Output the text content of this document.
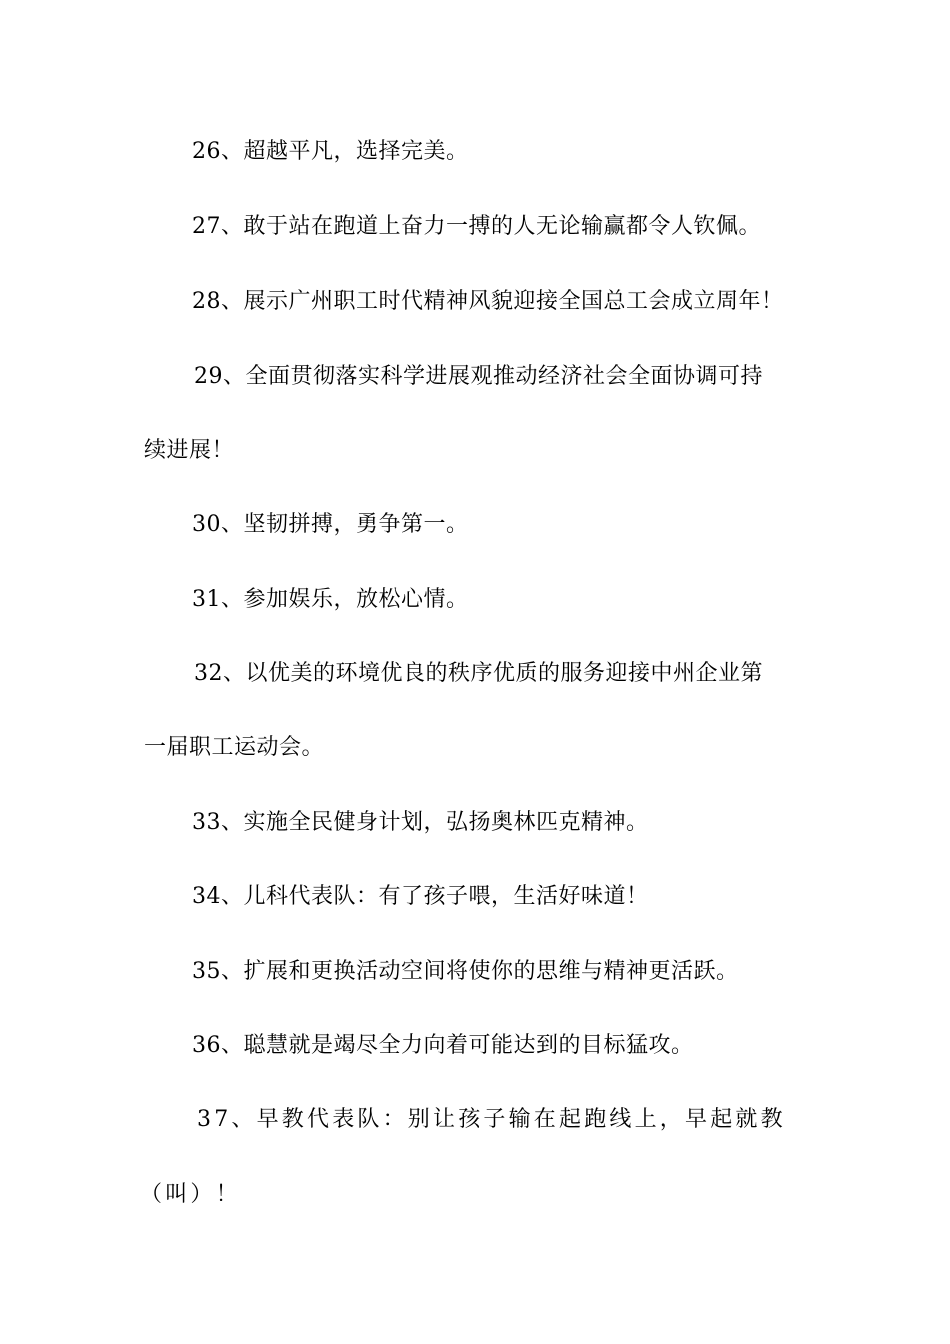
26、超越平凡，选择完美。

27、敢于站在跑道上奋力一搏的人无论输赢都令人钦佩。

28、展示广州职工时代精神风貌迎接全国总工会成立周年！

29、全面贯彻落实科学进展观推动经济社会全面协调可持

续进展！

30、坚韧拼搏，勇争第一。

31、参加娱乐，放松心情。

32、以优美的环境优良的秩序优质的服务迎接中州企业第

一届职工运动会。

33、实施全民健身计划，弘扬奥林匹克精神。

34、儿科代表队：有了孩子喂，生活好味道！

35、扩展和更换活动空间将使你的思维与精神更活跃。

36、聪慧就是竭尽全力向着可能达到的目标猛攻。

37、早教代表队：别让孩子输在起跑线上，早起就教

（叫）！
